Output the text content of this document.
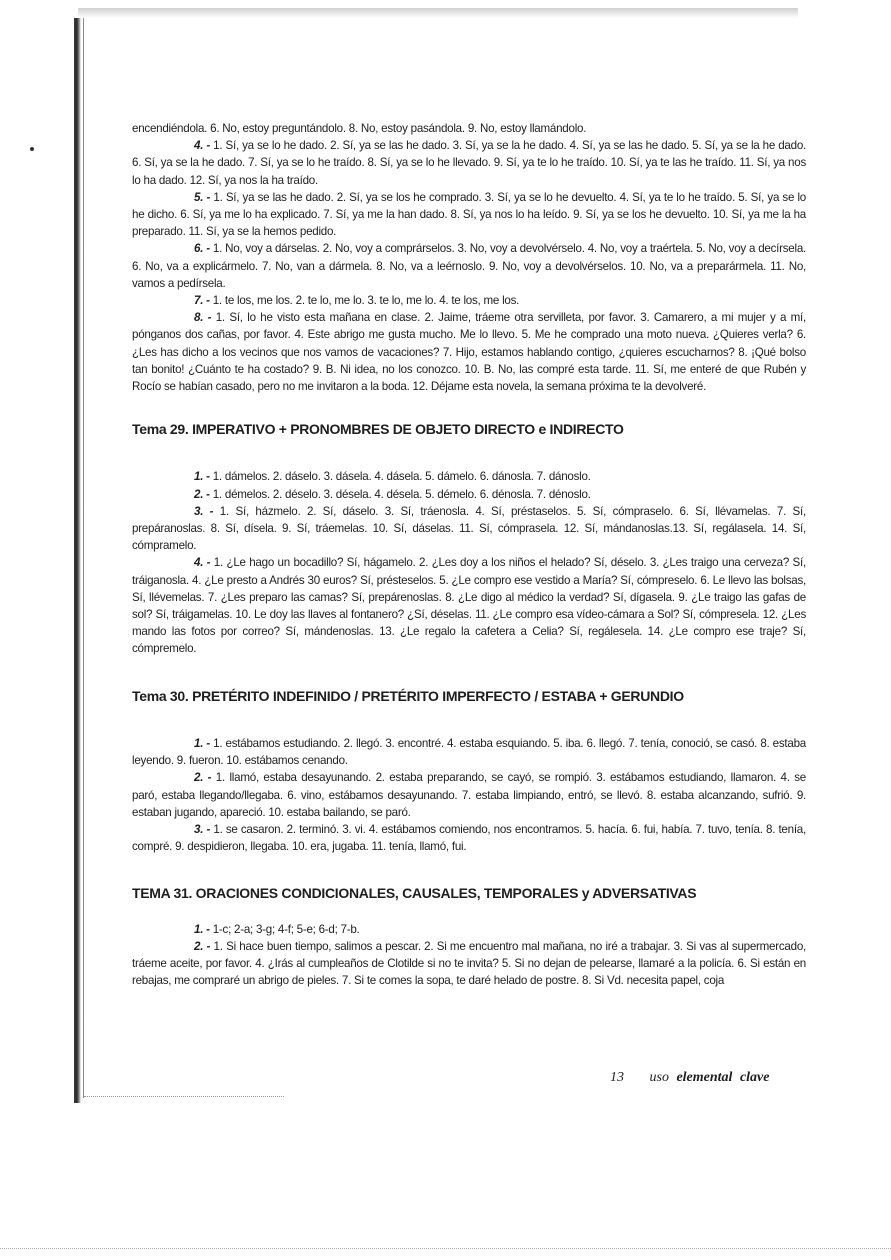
encendiéndola. 6. No, estoy preguntándolo. 8. No, estoy pasándola. 9. No, estoy llamándolo.

4. - 1. Sí, ya se lo he dado. 2. Sí, ya se las he dado. 3. Sí, ya se la he dado. 4. Sí, ya se las he dado. 5. Sí, ya se la he dado. 6. Sí, ya se la he dado. 7. Sí, ya se lo he traído. 8. Sí, ya se lo he llevado. 9. Sí, ya te lo he traído. 10. Sí, ya te las he traído. 11. Sí, ya nos lo ha dado. 12. Sí, ya nos la ha traído.

5. - 1. Sí, ya se las he dado. 2. Sí, ya se los he comprado. 3. Sí, ya se lo he devuelto. 4. Sí, ya te lo he traído. 5. Sí, ya se lo he dicho. 6. Sí, ya me lo ha explicado. 7. Sí, ya me la han dado. 8. Sí, ya nos lo ha leído. 9. Sí, ya se los he devuelto. 10. Sí, ya me la ha preparado. 11. Sí, ya se la hemos pedido.

6. - 1. No, voy a dárselas. 2. No, voy a comprárselos. 3. No, voy a devolvérselo. 4. No, voy a traértela. 5. No, voy a decírsela. 6. No, va a explicármelo. 7. No, van a dármela. 8. No, va a leérnoslo. 9. No, voy a devolvérselos. 10. No, va a preparármela. 11. No, vamos a pedírsela.

7. - 1. te los, me los. 2. te lo, me lo. 3. te lo, me lo. 4. te los, me los.

8. - 1. Sí, lo he visto esta mañana en clase. 2. Jaime, tráeme otra servilleta, por favor. 3. Camarero, a mi mujer y a mí, pónganos dos cañas, por favor. 4. Este abrigo me gusta mucho. Me lo llevo. 5. Me he comprado una moto nueva. ¿Quieres verla? 6. ¿Les has dicho a los vecinos que nos vamos de vacaciones? 7. Hijo, estamos hablando contigo, ¿quieres escucharnos? 8. ¡Qué bolso tan bonito! ¿Cuánto te ha costado? 9. B. Ni idea, no los conozco. 10. B. No, las compré esta tarde. 11. Sí, me enteré de que Rubén y Rocío se habían casado, pero no me invitaron a la boda. 12. Déjame esta novela, la semana próxima te la devolveré.

Tema 29. IMPERATIVO + PRONOMBRES DE OBJETO DIRECTO e INDIRECTO

1. - 1. dámelos. 2. dáselo. 3. dásela. 4. dásela. 5. dámelo. 6. dánosla. 7. dánoslo.

2. - 1. démelos. 2. déselo. 3. désela. 4. désela. 5. démelo. 6. dénosla. 7. dénoslo.

3. - 1. Sí, házmelo. 2. Sí, dáselo. 3. Sí, tráenosla. 4. Sí, préstaselos. 5. Sí, cómpraselo. 6. Sí, llévamelas. 7. Sí, prepáranoslas. 8. Sí, dísela. 9. Sí, tráemelas. 10. Sí, dáselas. 11. Sí, cómprasela. 12. Sí, mándanoslas.13. Sí, regálasela. 14. Sí, cómpramelo.

4. - 1. ¿Le hago un bocadillo? Sí, hágamelo. 2. ¿Les doy a los niños el helado? Sí, déselo. 3. ¿Les traigo una cerveza? Sí, tráiganosla. 4. ¿Le presto a Andrés 30 euros? Sí, présteselos. 5. ¿Le compro ese vestido a María? Sí, cómpreselo. 6. Le llevo las bolsas, Sí, llévemelas. 7. ¿Les preparo las camas? Sí, prepárenoslas. 8. ¿Le digo al médico la verdad? Sí, dígasela. 9. ¿Le traigo las gafas de sol? Sí, tráigamelas. 10. Le doy las llaves al fontanero? ¿Sí, déselas. 11. ¿Le compro esa vídeo-cámara a Sol? Sí, cómpresela. 12. ¿Les mando las fotos por correo? Sí, mándenoslas. 13. ¿Le regalo la cafetera a Celia? Sí, regálesela. 14. ¿Le compro ese traje? Sí, cómpremelo.

Tema 30. PRETÉRITO INDEFINIDO / PRETÉRITO IMPERFECTO / ESTABA + GERUNDIO

1. - 1. estábamos estudiando. 2. llegó. 3. encontré. 4. estaba esquiando. 5. iba. 6. llegó. 7. tenía, conoció, se casó. 8. estaba leyendo. 9. fueron. 10. estábamos cenando.

2. - 1. llamó, estaba desayunando. 2. estaba preparando, se cayó, se rompió. 3. estábamos estudiando, llamaron. 4. se paró, estaba llegando/llegaba. 6. vino, estábamos desayunando. 7. estaba limpiando, entró, se llevó. 8. estaba alcanzando, sufrió. 9. estaban jugando, apareció. 10. estaba bailando, se paró.

3. - 1. se casaron. 2. terminó. 3. vi. 4. estábamos comiendo, nos encontramos. 5. hacía. 6. fui, había. 7. tuvo, tenía. 8. tenía, compré. 9. despidieron, llegaba. 10. era, jugaba. 11. tenía, llamó, fui.

TEMA 31. ORACIONES CONDICIONALES, CAUSALES, TEMPORALES y ADVERSATIVAS

1. - 1-c; 2-a; 3-g; 4-f; 5-e; 6-d; 7-b.

2. - 1. Si hace buen tiempo, salimos a pescar. 2. Si me encuentro mal mañana, no iré a trabajar. 3. Si vas al supermercado, tráeme aceite, por favor. 4. ¿Irás al cumpleaños de Clotilde si no te invita? 5. Si no dejan de pelearse, llamaré a la policía. 6. Si están en rebajas, me compraré un abrigo de pieles. 7. Si te comes la sopa, te daré helado de postre. 8. Si Vd. necesita papel, coja

13 uso elemental clave
